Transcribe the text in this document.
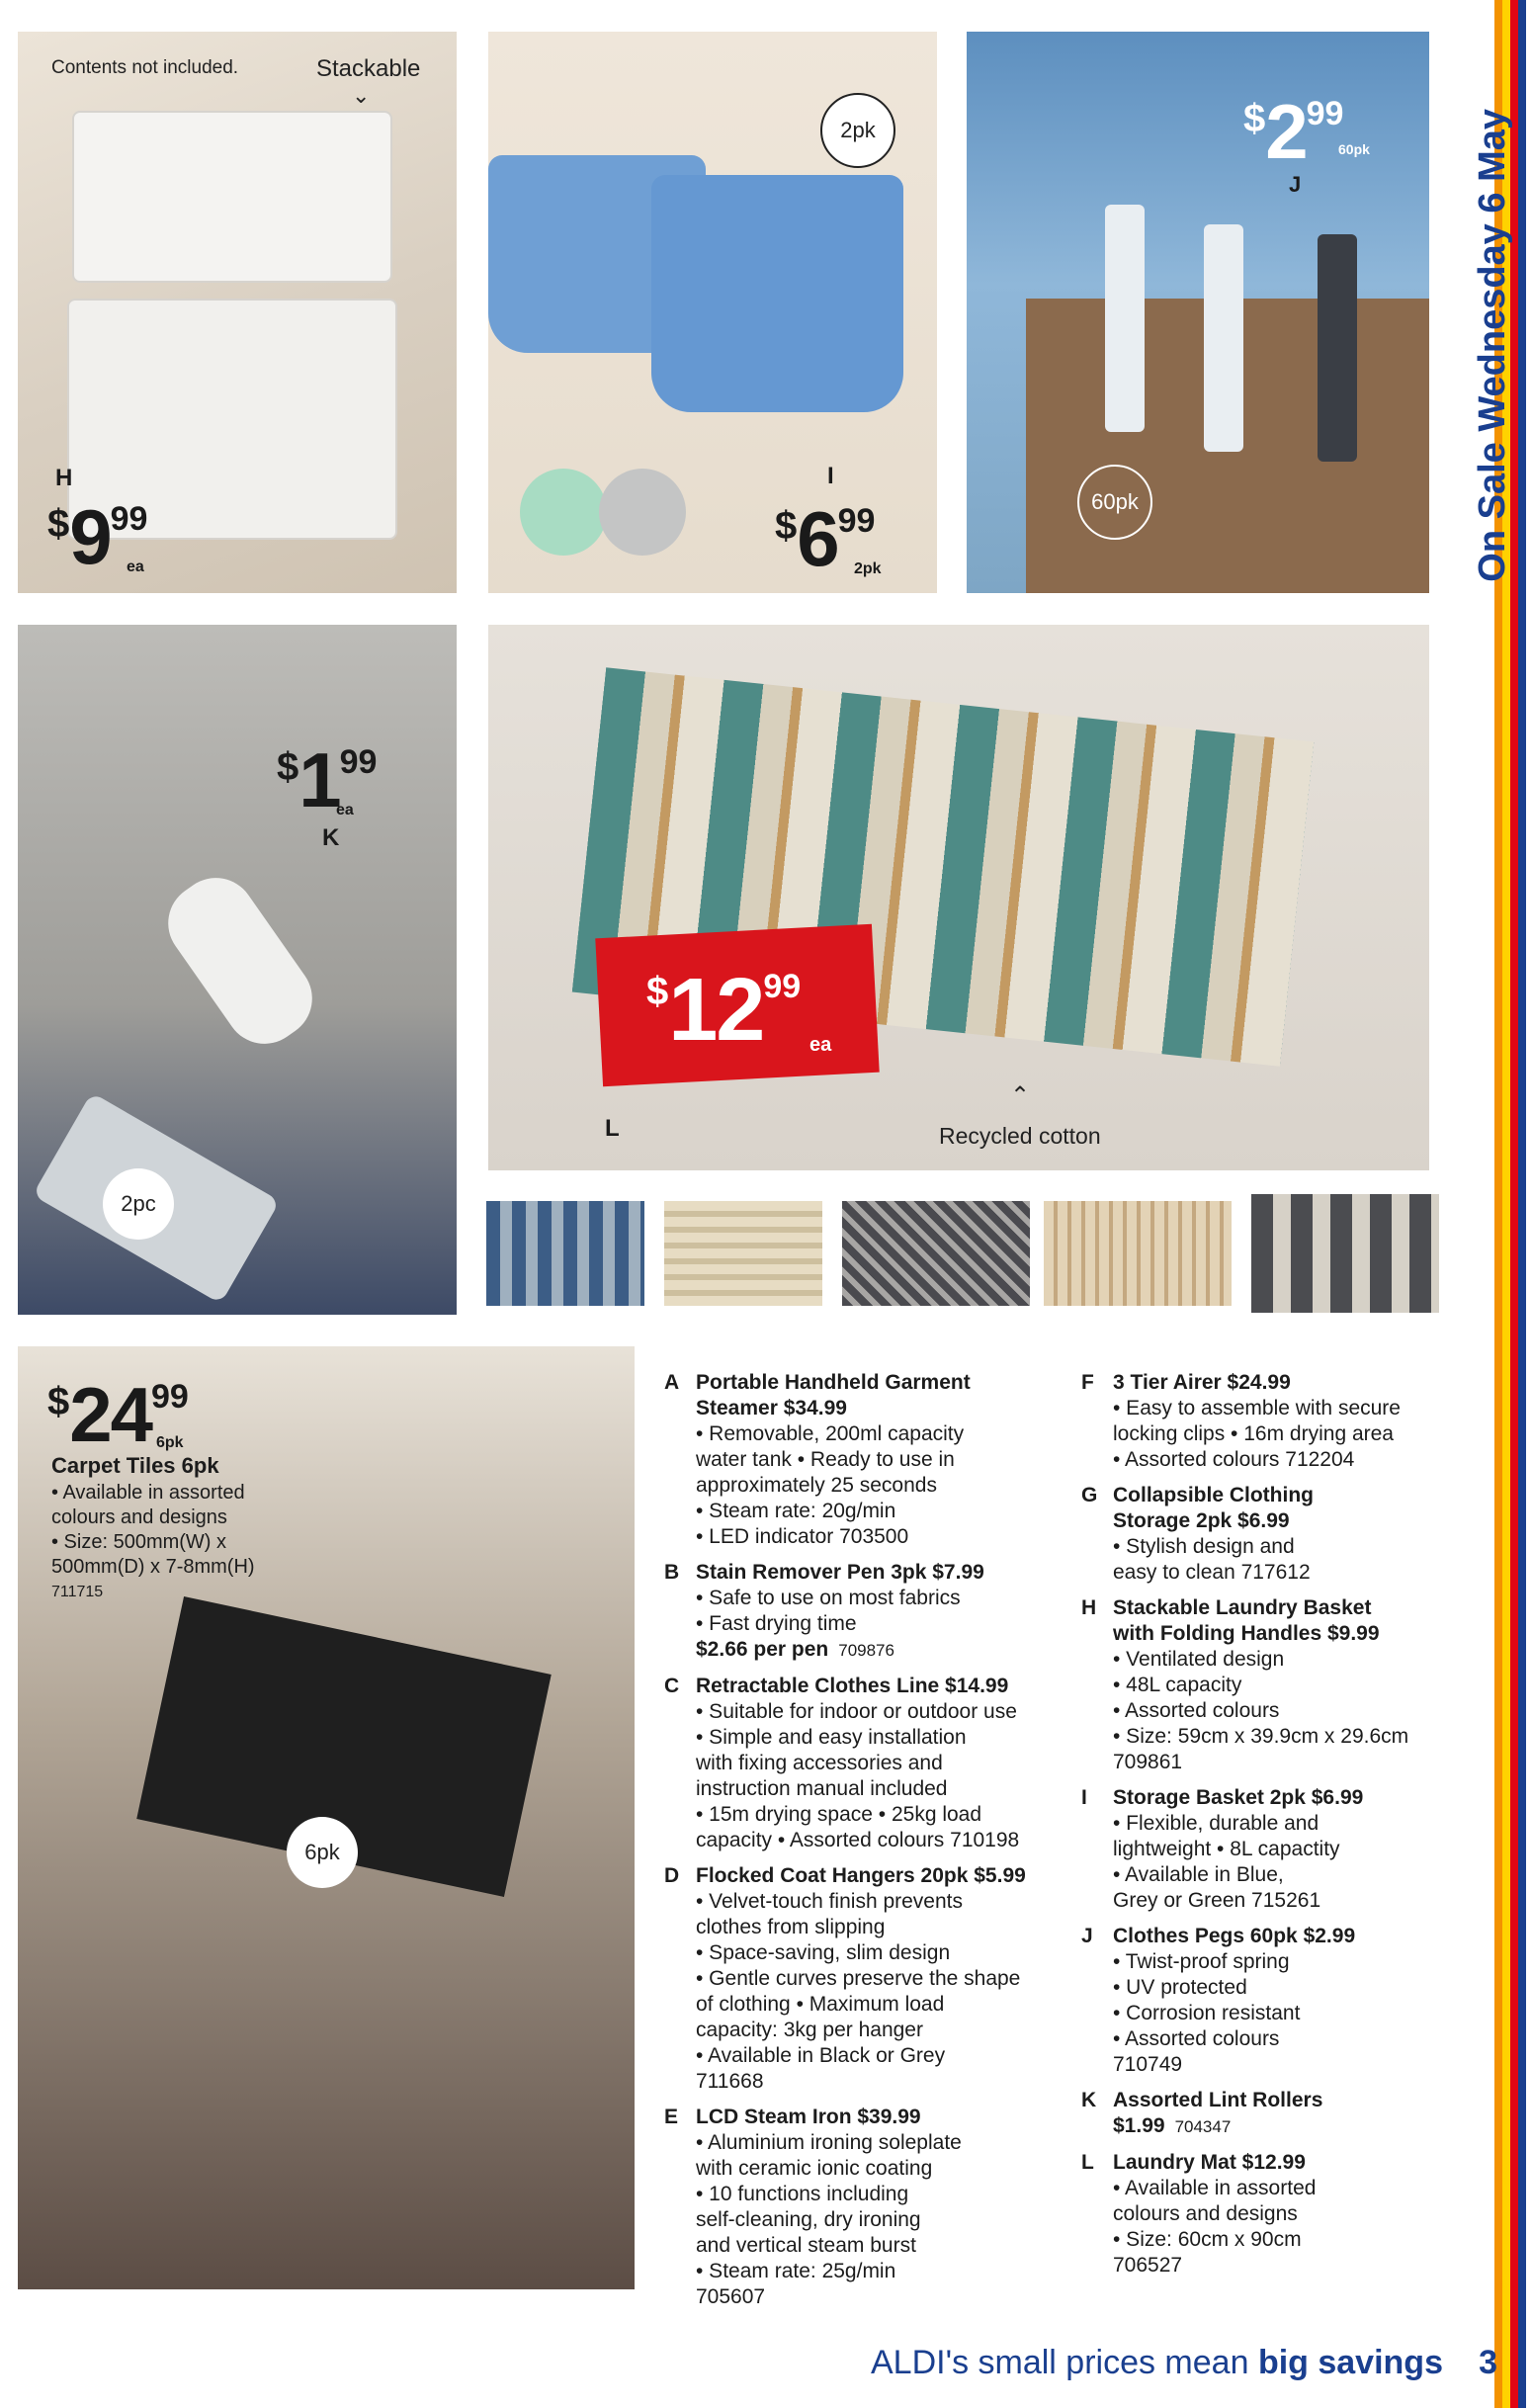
On Sale Wednesday 6 May
Contents not included.	Stackable
⌄
H
$999
ea
2pk
I
$699
2pk
$299
60pk
J
60pk
$199
ea
K
2pc
$1299
ea
L
⌃
Recycled cotton
$2499
6pk
Carpet Tiles 6pk
• Available in assorted
colours and designs
• Size: 500mm(W) x
500mm(D) x 7-8mm(H)
711715
6pk
A Portable Handheld Garment
Steamer $34.99
• Removable, 200ml capacity
water tank • Ready to use in
approximately 25 seconds
• Steam rate: 20g/min
• LED indicator 703500
B Stain Remover Pen 3pk $7.99
• Safe to use on most fabrics
• Fast drying time
$2.66 per pen 709876
C Retractable Clothes Line $14.99
• Suitable for indoor or outdoor use
• Simple and easy installation
with fixing accessories and
instruction manual included
• 15m drying space • 25kg load
capacity • Assorted colours 710198
D Flocked Coat Hangers 20pk $5.99
• Velvet-touch finish prevents
clothes from slipping
• Space-saving, slim design
• Gentle curves preserve the shape
of clothing • Maximum load
capacity: 3kg per hanger
• Available in Black or Grey
711668
E LCD Steam Iron $39.99
• Aluminium ironing soleplate
with ceramic ionic coating
• 10 functions including
self-cleaning, dry ironing
and vertical steam burst
• Steam rate: 25g/min
705607
F 3 Tier Airer $24.99
• Easy to assemble with secure
locking clips • 16m drying area
• Assorted colours 712204
G Collapsible Clothing
Storage 2pk $6.99
• Stylish design and
easy to clean 717612
H Stackable Laundry Basket
with Folding Handles $9.99
• Ventilated design
• 48L capacity
• Assorted colours
• Size: 59cm x 39.9cm x 29.6cm
709861
I Storage Basket 2pk $6.99
• Flexible, durable and
lightweight • 8L capactity
• Available in Blue,
Grey or Green 715261
J Clothes Pegs 60pk $2.99
• Twist-proof spring
• UV protected
• Corrosion resistant
• Assorted colours
710749
K Assorted Lint Rollers
$1.99 704347
L Laundry Mat $12.99
• Available in assorted
colours and designs
• Size: 60cm x 90cm
706527
ALDI's small prices mean big savings 3
